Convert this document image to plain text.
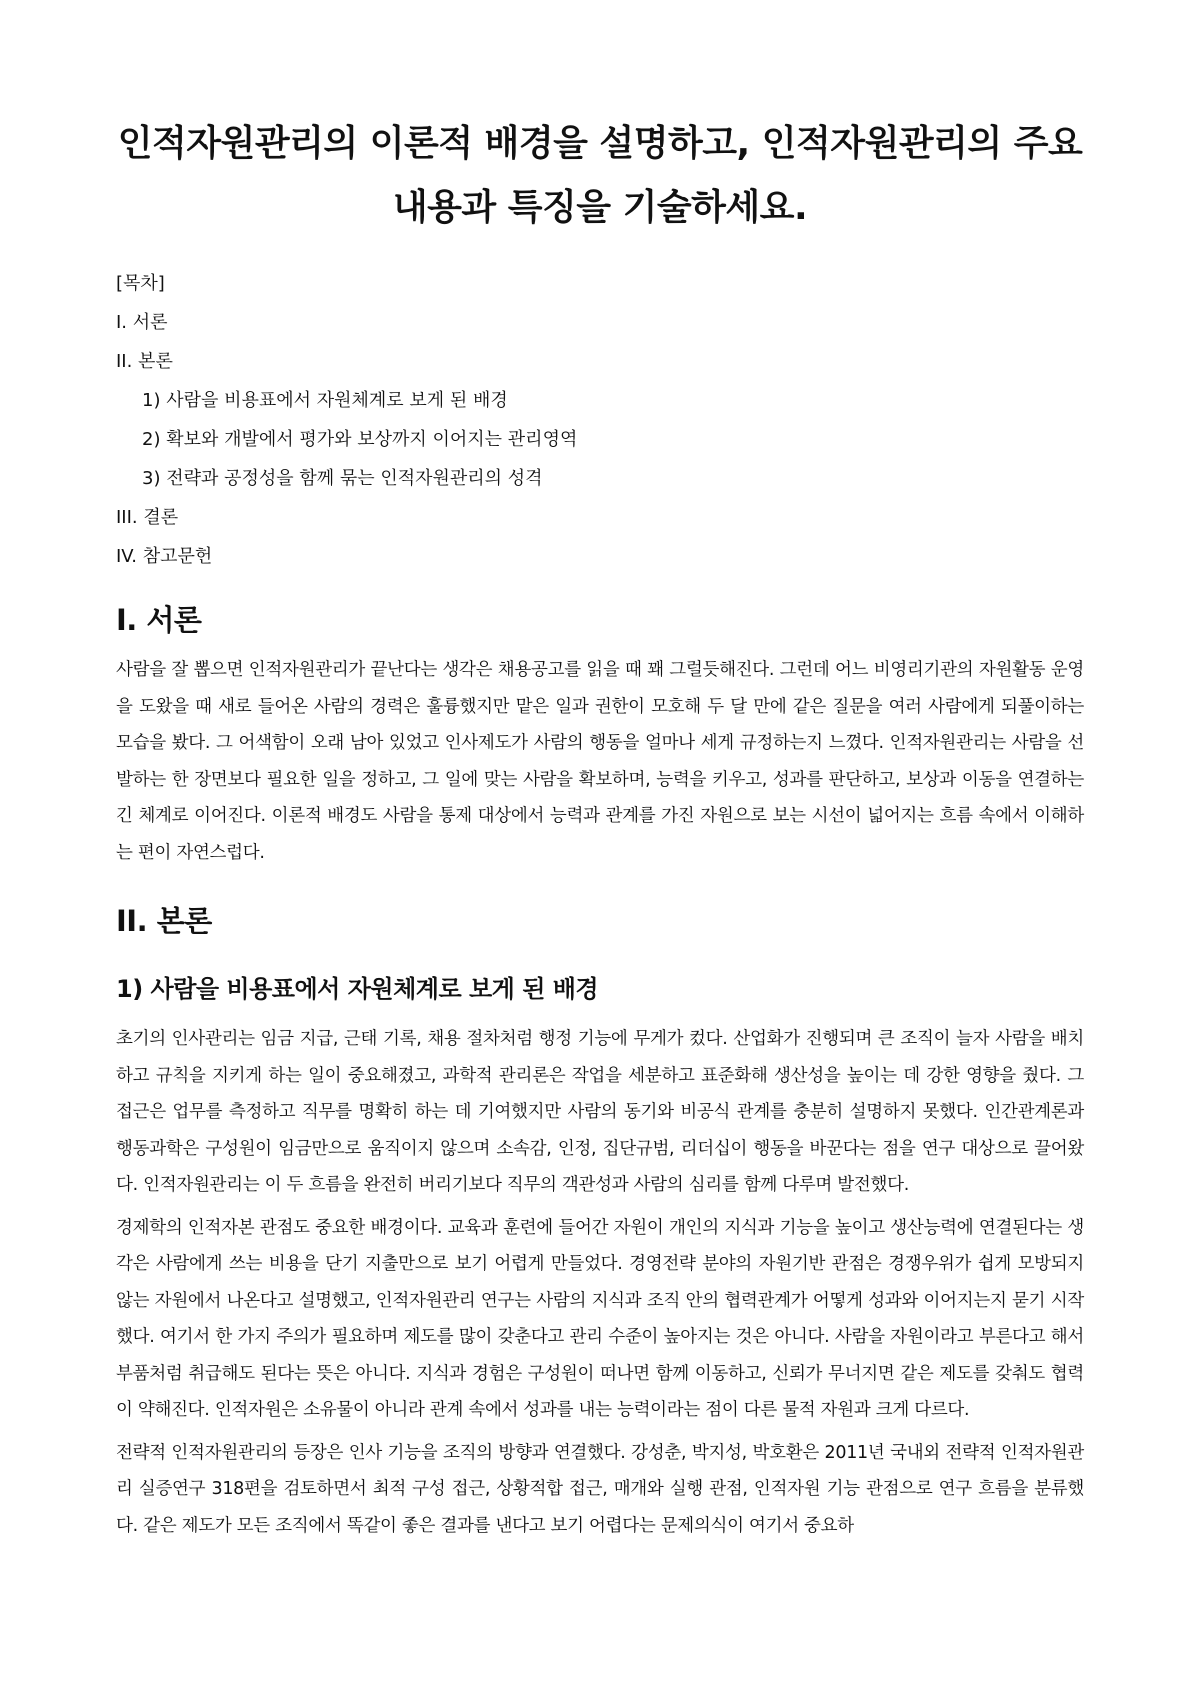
인적자원관리의 이론적 배경을 설명하고, 인적자원관리의 주요 내용과 특징을 기술하세요.
[목차]
I. 서론
II. 본론
1) 사람을 비용표에서 자원체계로 보게 된 배경
2) 확보와 개발에서 평가와 보상까지 이어지는 관리영역
3) 전략과 공정성을 함께 묶는 인적자원관리의 성격
III. 결론
IV. 참고문헌
I. 서론

사람을 잘 뽑으면 인적자원관리가 끝난다는 생각은 채용공고를 읽을 때 꽤 그럴듯해진다. 그런데 어느 비영리기관의 자원활동 운영을 도왔을 때 새로 들어온 사람의 경력은 훌륭했지만 맡은 일과 권한이 모호해 두 달 만에 같은 질문을 여러 사람에게 되풀이하는 모습을 봤다. 그 어색함이 오래 남아 있었고 인사제도가 사람의 행동을 얼마나 세게 규정하는지 느꼈다. 인적자원관리는 사람을 선발하는 한 장면보다 필요한 일을 정하고, 그 일에 맞는 사람을 확보하며, 능력을 키우고, 성과를 판단하고, 보상과 이동을 연결하는 긴 체계로 이어진다. 이론적 배경도 사람을 통제 대상에서 능력과 관계를 가진 자원으로 보는 시선이 넓어지는 흐름 속에서 이해하는 편이 자연스럽다.

II. 본론
1) 사람을 비용표에서 자원체계로 보게 된 배경

초기의 인사관리는 임금 지급, 근태 기록, 채용 절차처럼 행정 기능에 무게가 컸다. 산업화가 진행되며 큰 조직이 늘자 사람을 배치하고 규칙을 지키게 하는 일이 중요해졌고, 과학적 관리론은 작업을 세분하고 표준화해 생산성을 높이는 데 강한 영향을 줬다. 그 접근은 업무를 측정하고 직무를 명확히 하는 데 기여했지만 사람의 동기와 비공식 관계를 충분히 설명하지 못했다. 인간관계론과 행동과학은 구성원이 임금만으로 움직이지 않으며 소속감, 인정, 집단규범, 리더십이 행동을 바꾼다는 점을 연구 대상으로 끌어왔다. 인적자원관리는 이 두 흐름을 완전히 버리기보다 직무의 객관성과 사람의 심리를 함께 다루며 발전했다.

경제학의 인적자본 관점도 중요한 배경이다. 교육과 훈련에 들어간 자원이 개인의 지식과 기능을 높이고 생산능력에 연결된다는 생각은 사람에게 쓰는 비용을 단기 지출만으로 보기 어렵게 만들었다. 경영전략 분야의 자원기반 관점은 경쟁우위가 쉽게 모방되지 않는 자원에서 나온다고 설명했고, 인적자원관리 연구는 사람의 지식과 조직 안의 협력관계가 어떻게 성과와 이어지는지 묻기 시작했다. 여기서 한 가지 주의가 필요하며 제도를 많이 갖춘다고 관리 수준이 높아지는 것은 아니다. 사람을 자원이라고 부른다고 해서 부품처럼 취급해도 된다는 뜻은 아니다. 지식과 경험은 구성원이 떠나면 함께 이동하고, 신뢰가 무너지면 같은 제도를 갖춰도 협력이 약해진다. 인적자원은 소유물이 아니라 관계 속에서 성과를 내는 능력이라는 점이 다른 물적 자원과 크게 다르다.

전략적 인적자원관리의 등장은 인사 기능을 조직의 방향과 연결했다. 강성춘, 박지성, 박호환은 2011년 국내외 전략적 인적자원관리 실증연구 318편을 검토하면서 최적 구성 접근, 상황적합 접근, 매개와 실행 관점, 인적자원 기능 관점으로 연구 흐름을 분류했다. 같은 제도가 모든 조직에서 똑같이 좋은 결과를 낸다고 보기 어렵다는 문제의식이 여기서 중요하
